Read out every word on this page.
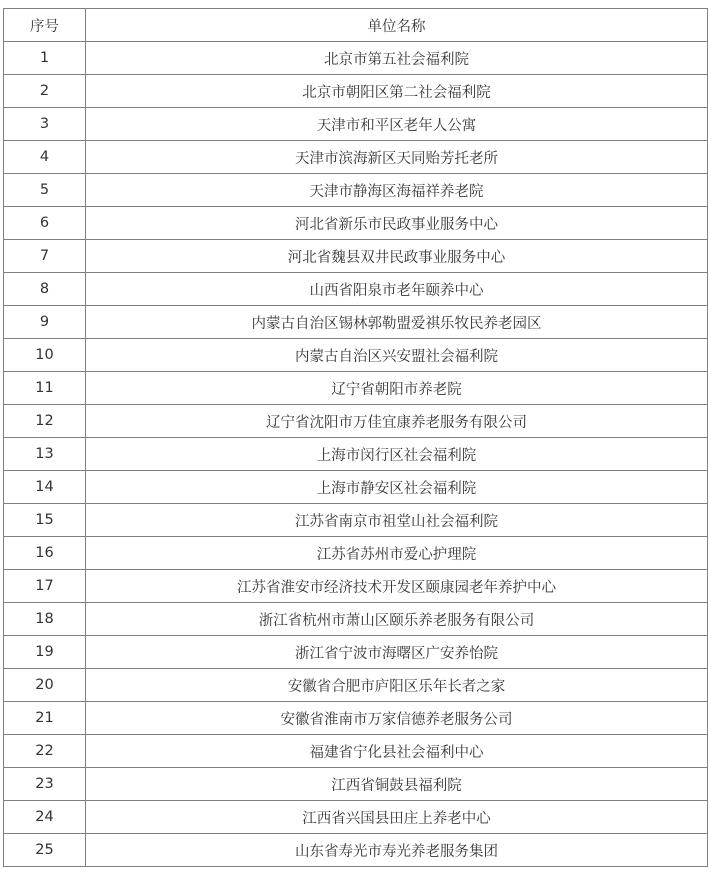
序号	单位名称
1	北京市第五社会福利院
2	北京市朝阳区第二社会福利院
3	天津市和平区老年人公寓
4	天津市滨海新区天同贻芳托老所
5	天津市静海区海福祥养老院
6	河北省新乐市民政事业服务中心
7	河北省魏县双井民政事业服务中心
8	山西省阳泉市老年颐养中心
9	内蒙古自治区锡林郭勒盟爱祺乐牧民养老园区
10	内蒙古自治区兴安盟社会福利院
11	辽宁省朝阳市养老院
12	辽宁省沈阳市万佳宜康养老服务有限公司
13	上海市闵行区社会福利院
14	上海市静安区社会福利院
15	江苏省南京市祖堂山社会福利院
16	江苏省苏州市爱心护理院
17	江苏省淮安市经济技术开发区颐康园老年养护中心
18	浙江省杭州市萧山区颐乐养老服务有限公司
19	浙江省宁波市海曙区广安养怡院
20	安徽省合肥市庐阳区乐年长者之家
21	安徽省淮南市万家信德养老服务公司
22	福建省宁化县社会福利中心
23	江西省铜鼓县福利院
24	江西省兴国县田庄上养老中心
25	山东省寿光市寿光养老服务集团
